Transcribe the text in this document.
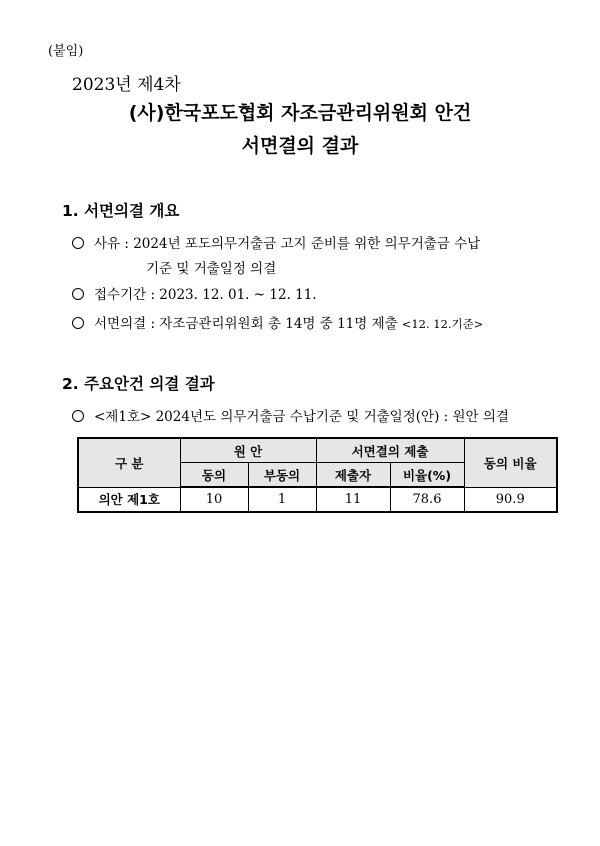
(붙임)
2023년 제4차
(사)한국포도협회 자조금관리위원회 안건
서면결의 결과
1. 서면의결 개요
사유 : 2024년 포도의무거출금 고지 준비를 위한 의무거출금 수납
기준 및 거출일정 의결
접수기간 : 2023. 12. 01. ~ 12. 11.
서면의결 : 자조금관리위원회 총 14명 중 11명 제출 <12. 12.기준>
2. 주요안건 의결 결과
<제1호> 2024년도 의무거출금 수납기준 및 거출일정(안) : 원안 의결
구 분	원 안		서면결의 제출		동의 비율
	동의	부동의	제출자	비율(%)	
의안 제1호	10	1	11	78.6	90.9
